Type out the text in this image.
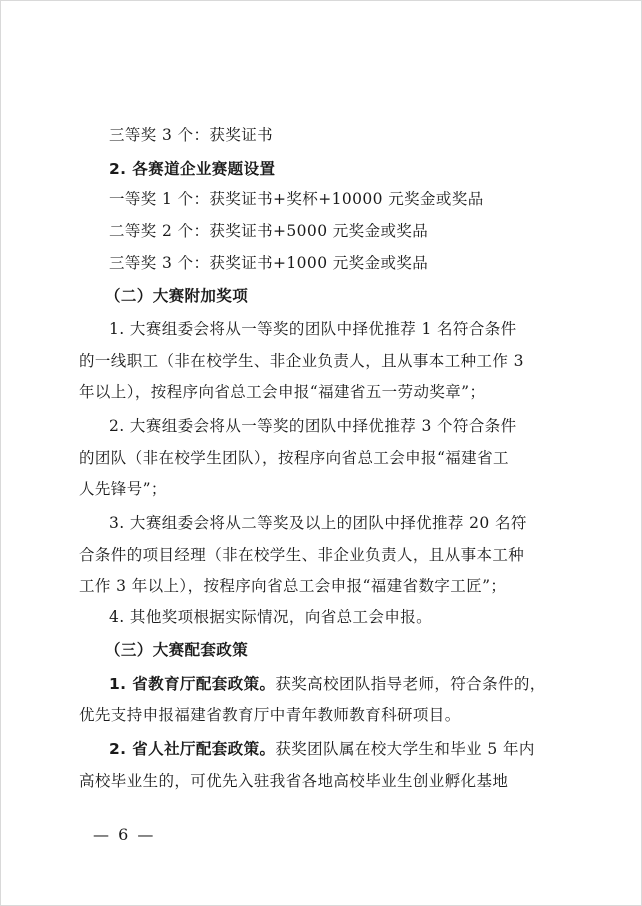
三等奖 3 个：获奖证书
2. 各赛道企业赛题设置
一等奖 1 个：获奖证书+奖杯+10000 元奖金或奖品
二等奖 2 个：获奖证书+5000 元奖金或奖品
三等奖 3 个：获奖证书+1000 元奖金或奖品
（二）大赛附加奖项
1. 大赛组委会将从一等奖的团队中择优推荐 1 名符合条件
的一线职工（非在校学生、非企业负责人，且从事本工种工作 3
年以上），按程序向省总工会申报“福建省五一劳动奖章”；
2. 大赛组委会将从一等奖的团队中择优推荐 3 个符合条件
的团队（非在校学生团队），按程序向省总工会申报“福建省工
人先锋号”；
3. 大赛组委会将从二等奖及以上的团队中择优推荐 20 名符
合条件的项目经理（非在校学生、非企业负责人，且从事本工种
工作 3 年以上），按程序向省总工会申报“福建省数字工匠”；
4. 其他奖项根据实际情况，向省总工会申报。
（三）大赛配套政策
1. 省教育厅配套政策。获奖高校团队指导老师，符合条件的，
优先支持申报福建省教育厅中青年教师教育科研项目。
2. 省人社厅配套政策。获奖团队属在校大学生和毕业 5 年内
高校毕业生的，可优先入驻我省各地高校毕业生创业孵化基地
— 6 —
